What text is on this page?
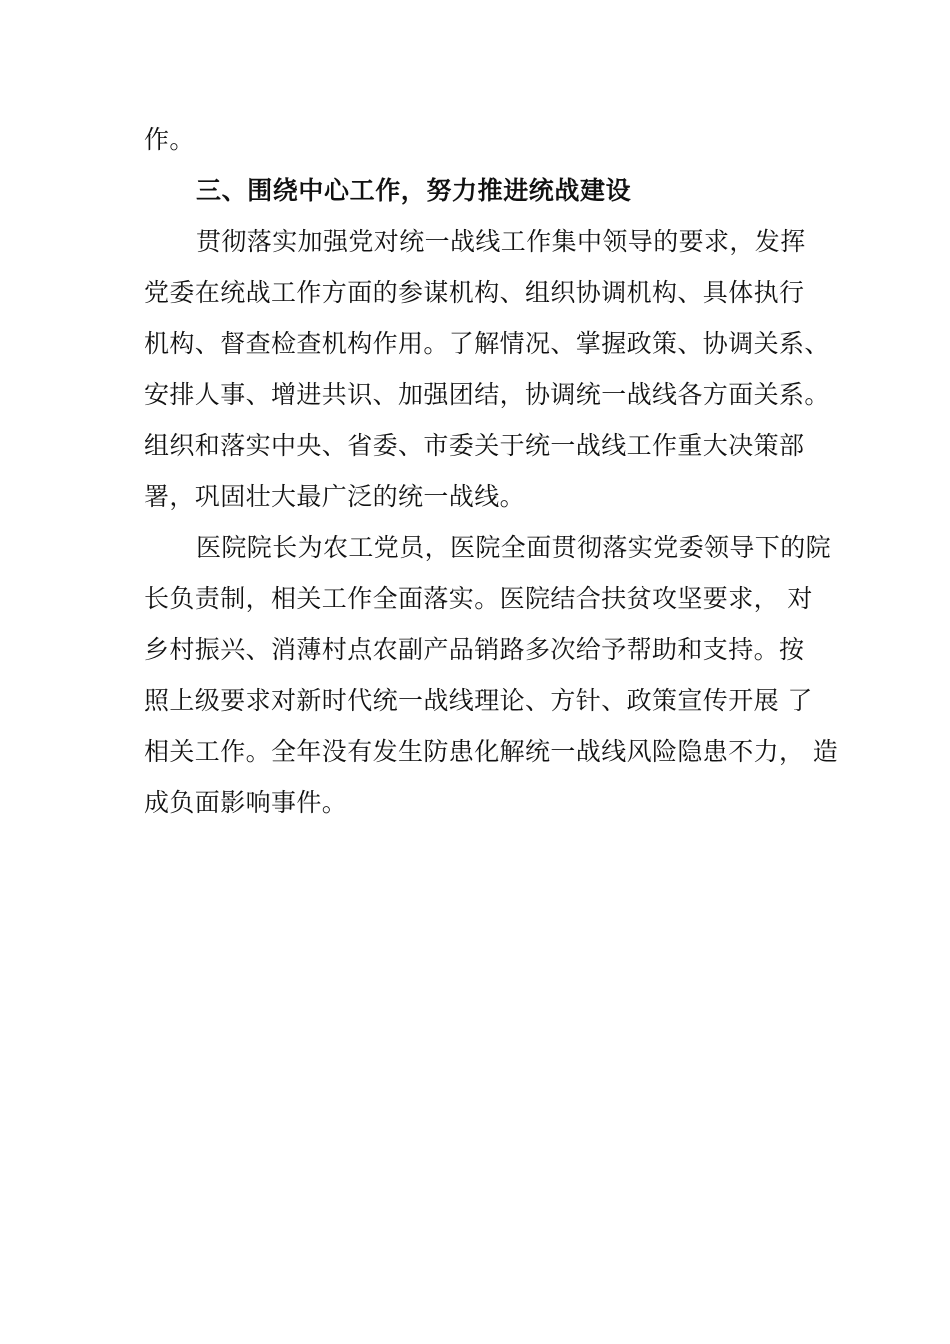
作。
三、围绕中心工作，努力推进统战建设
贯彻落实加强党对统一战线工作集中领导的要求，发挥
党委在统战工作方面的参谋机构、组织协调机构、具体执行
机构、督查检查机构作用。了解情况、掌握政策、协调关系、
安排人事、增进共识、加强团结，协调统一战线各方面关系。
组织和落实中央、省委、市委关于统一战线工作重大决策部
署，巩固壮大最广泛的统一战线。
医院院长为农工党员，医院全面贯彻落实党委领导下的院
长负责制，相关工作全面落实。医院结合扶贫攻坚要求， 对
乡村振兴、消薄村点农副产品销路多次给予帮助和支持。按
照上级要求对新时代统一战线理论、方针、政策宣传开展 了
相关工作。全年没有发生防患化解统一战线风险隐患不力， 造
成负面影响事件。
